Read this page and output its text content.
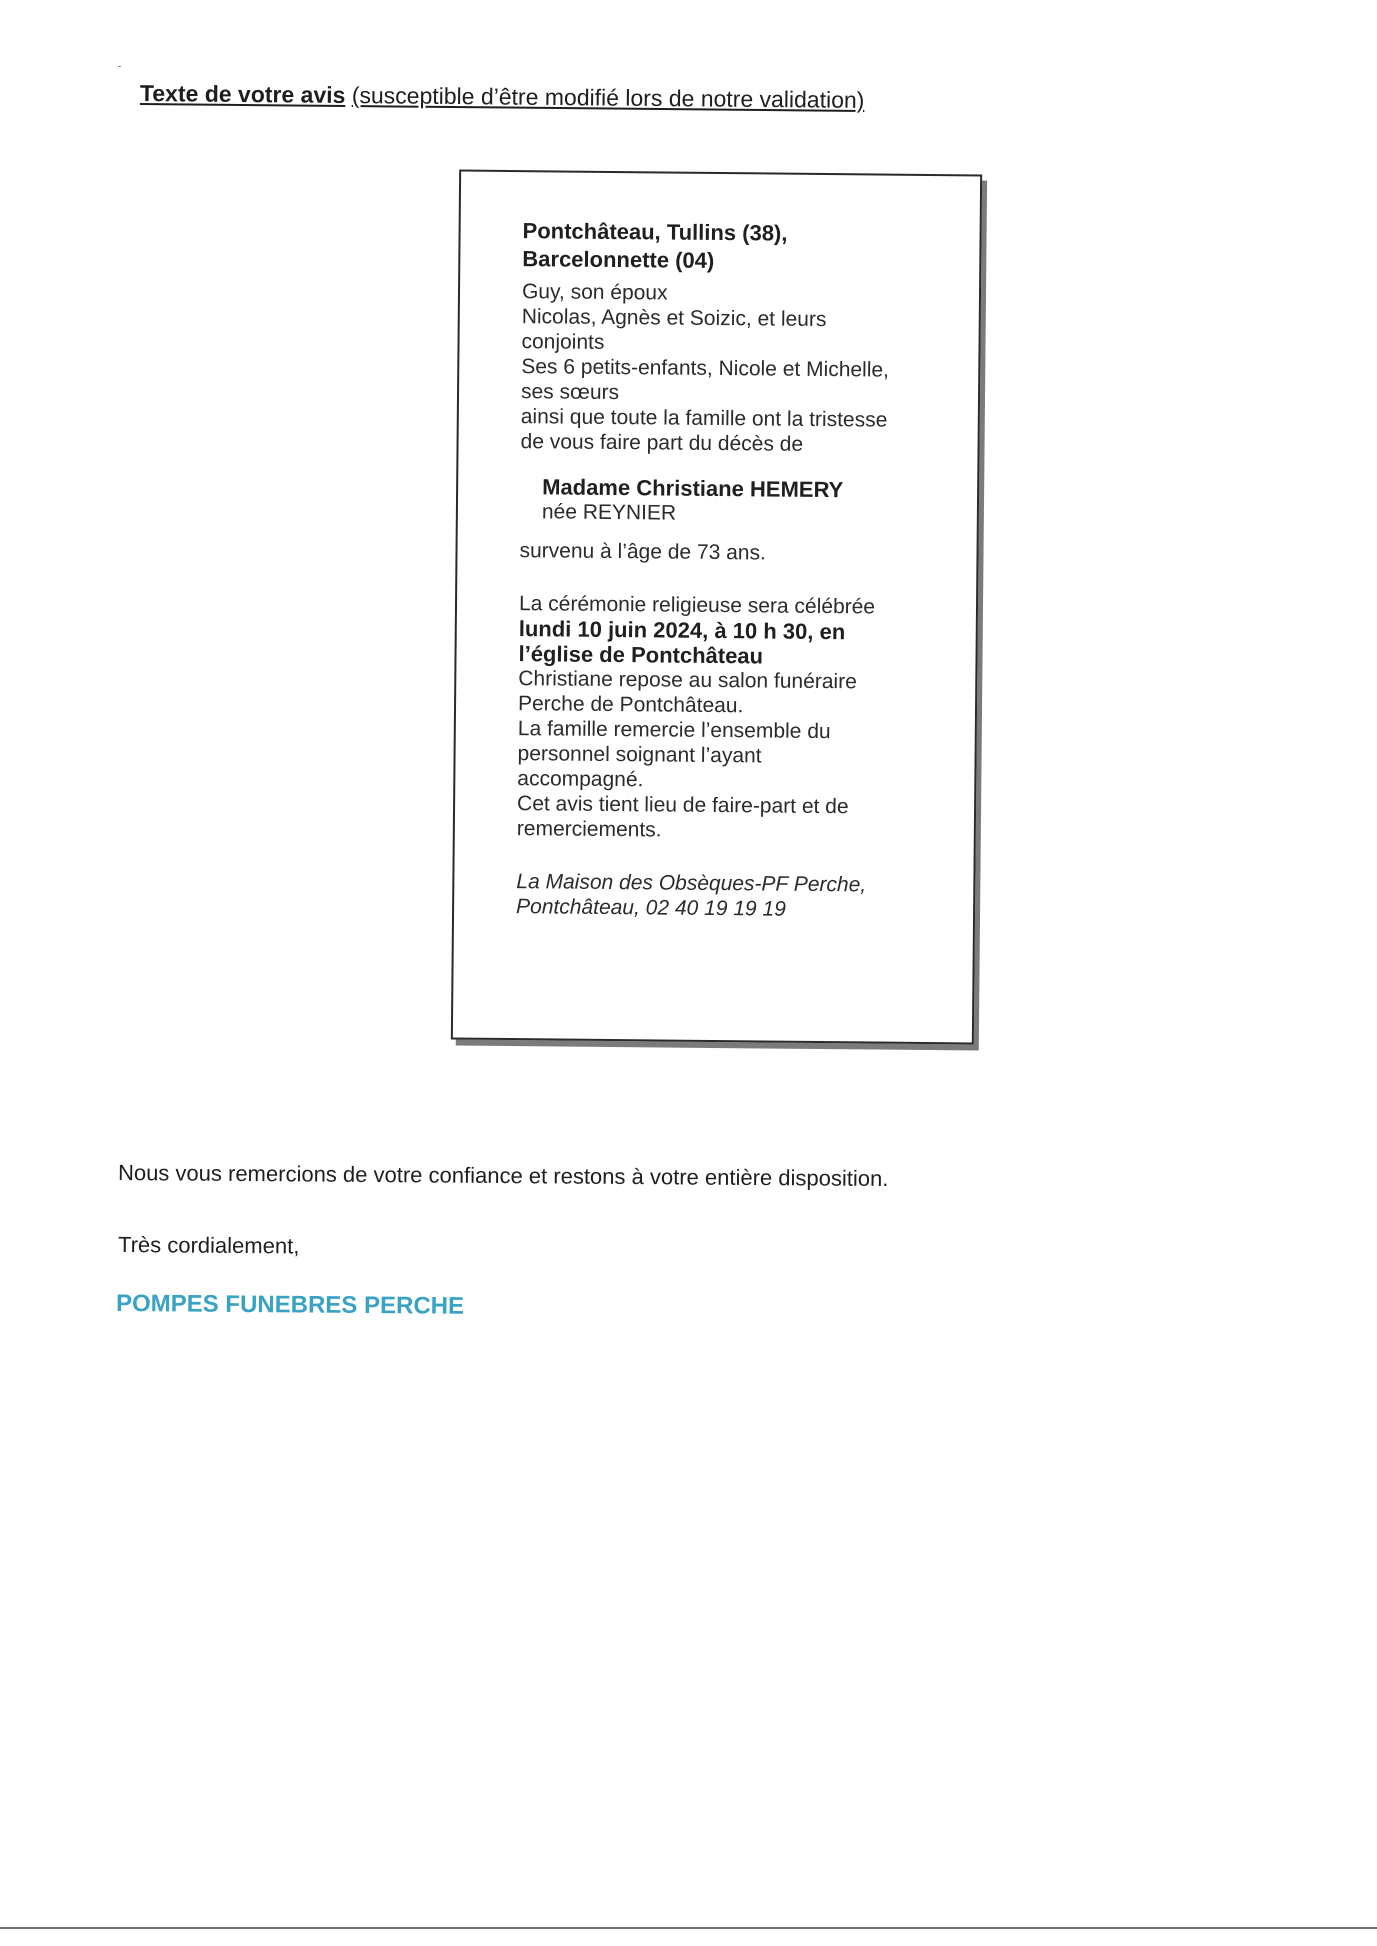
Texte de votre avis (susceptible d’être modifié lors de notre validation)
Pontchâteau, Tullins (38),
Barcelonnette (04)
Guy, son époux
Nicolas, Agnès et Soizic, et leurs
conjoints
Ses 6 petits-enfants, Nicole et Michelle,
ses sœurs
ainsi que toute la famille ont la tristesse
de vous faire part du décès de
Madame Christiane HEMERY
née REYNIER
survenu à l’âge de 73 ans.
La cérémonie religieuse sera célébrée
lundi 10 juin 2024, à 10 h 30, en
l’église de Pontchâteau
Christiane repose au salon funéraire
Perche de Pontchâteau.
La famille remercie l’ensemble du
personnel soignant l’ayant
accompagné.
Cet avis tient lieu de faire-part et de
remerciements.
La Maison des Obsèques-PF Perche,
Pontchâteau, 02 40 19 19 19
Nous vous remercions de votre confiance et restons à votre entière disposition.
Très cordialement,
POMPES FUNEBRES PERCHE
